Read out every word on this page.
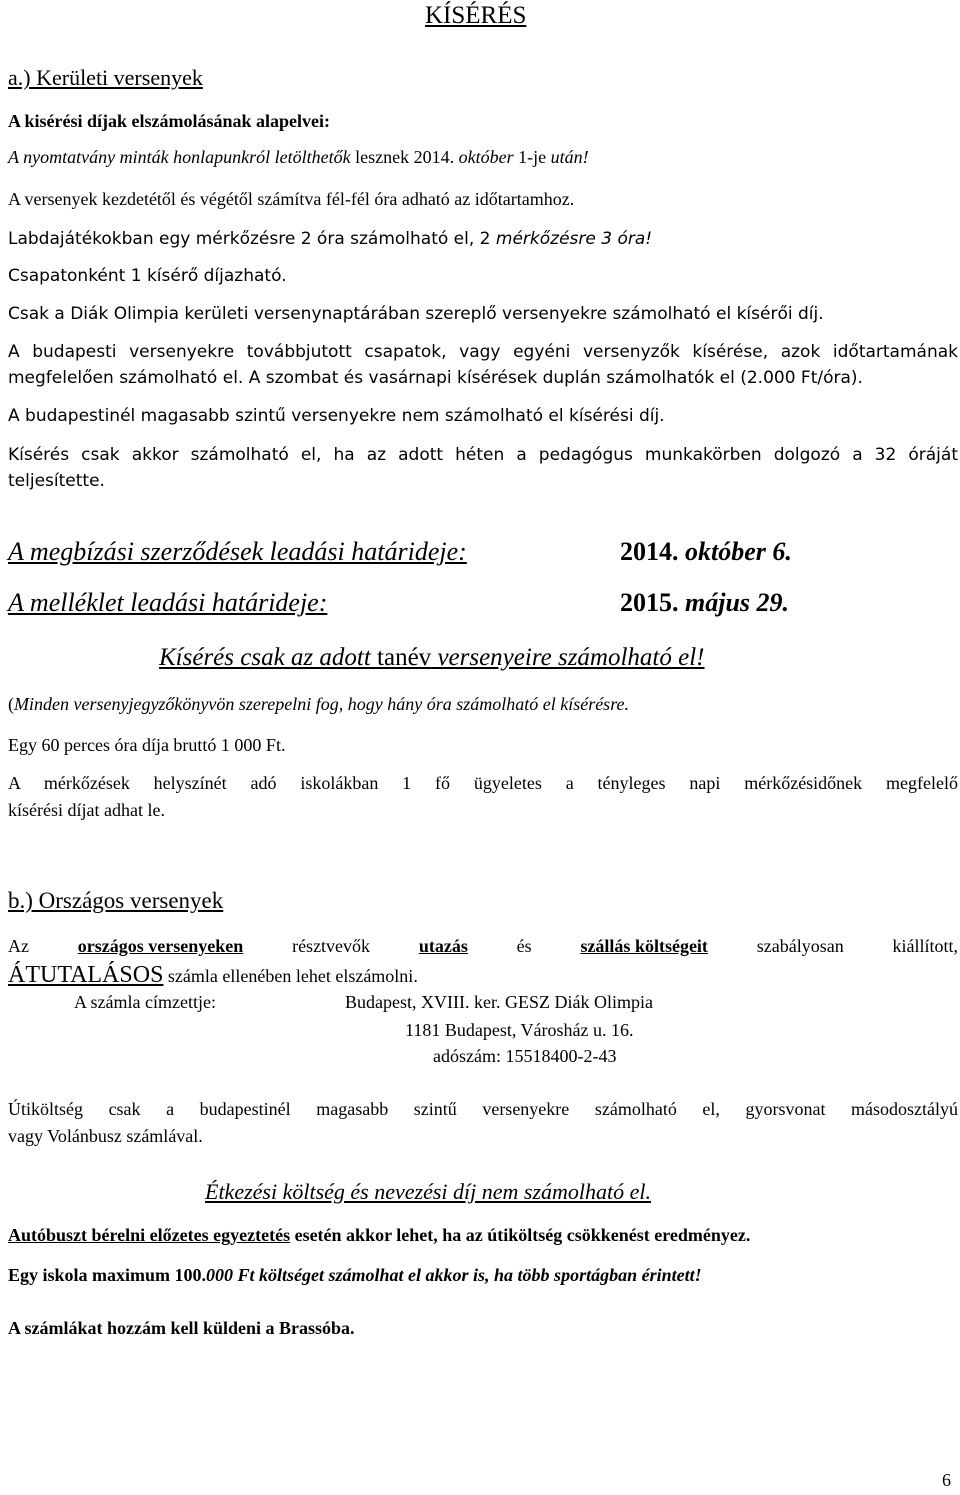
KÍSÉRÉS
a.) Kerületi versenyek
A kisérési díjak elszámolásának alapelvei:
A nyomtatvány minták honlapunkról letölthetők lesznek 2014. október 1-je után!
A versenyek kezdetétől és végétől számítva fél-fél óra adható az időtartamhoz.
Labdajátékokban egy mérkőzésre 2 óra számolható el, 2 mérkőzésre 3 óra!
Csapatonként 1 kísérő díjazható.
Csak a Diák Olimpia kerületi versenynaptárában szereplő versenyekre számolható el kísérői díj.
A budapesti versenyekre továbbjutott csapatok, vagy egyéni versenyzők kísérése, azok időtartamának
megfelelően számolható el. A szombat és vasárnapi kísérések duplán számolhatók el (2.000 Ft/óra).
A budapestinél magasabb szintű versenyekre nem számolható el kísérési díj.
Kísérés csak akkor számolható el, ha az adott héten a pedagógus munkakörben dolgozó a 32 óráját
teljesítette.
A megbízási szerződések leadási határideje:	2014. október 6.
A melléklet leadási határideje:	2015. május 29.
Kísérés csak az adott tanév versenyeire számolható el!
(Minden versenyjegyzőkönyvön szerepelni fog, hogy hány óra számolható el kísérésre.
Egy 60 perces óra díja bruttó 1 000 Ft.
A mérkőzések helyszínét adó iskolákban 1 fő ügyeletes a tényleges napi mérkőzésidőnek megfelelő
kísérési díjat adhat le.
b.) Országos versenyek
Az	országos versenyeken	résztvevők	utazás	és	szállás költségeit	szabályosan	kiállított,
ÁTUTALÁSOS számla ellenében lehet elszámolni.
A számla címzettje:	Budapest, XVIII. ker. GESZ Diák Olimpia
1181 Budapest, Városház u. 16.
adószám: 15518400-2-43
Útiköltség csak a budapestinél magasabb szintű versenyekre számolható el, gyorsvonat másodosztályú
vagy Volánbusz számlával.
Étkezési költség és nevezési díj nem számolható el.
Autóbuszt bérelni előzetes egyeztetés esetén akkor lehet, ha az útiköltség csökkenést eredményez.
Egy iskola maximum 100.000 Ft költséget számolhat el akkor is, ha több sportágban érintett!
A számlákat hozzám kell küldeni a Brassóba.
6
